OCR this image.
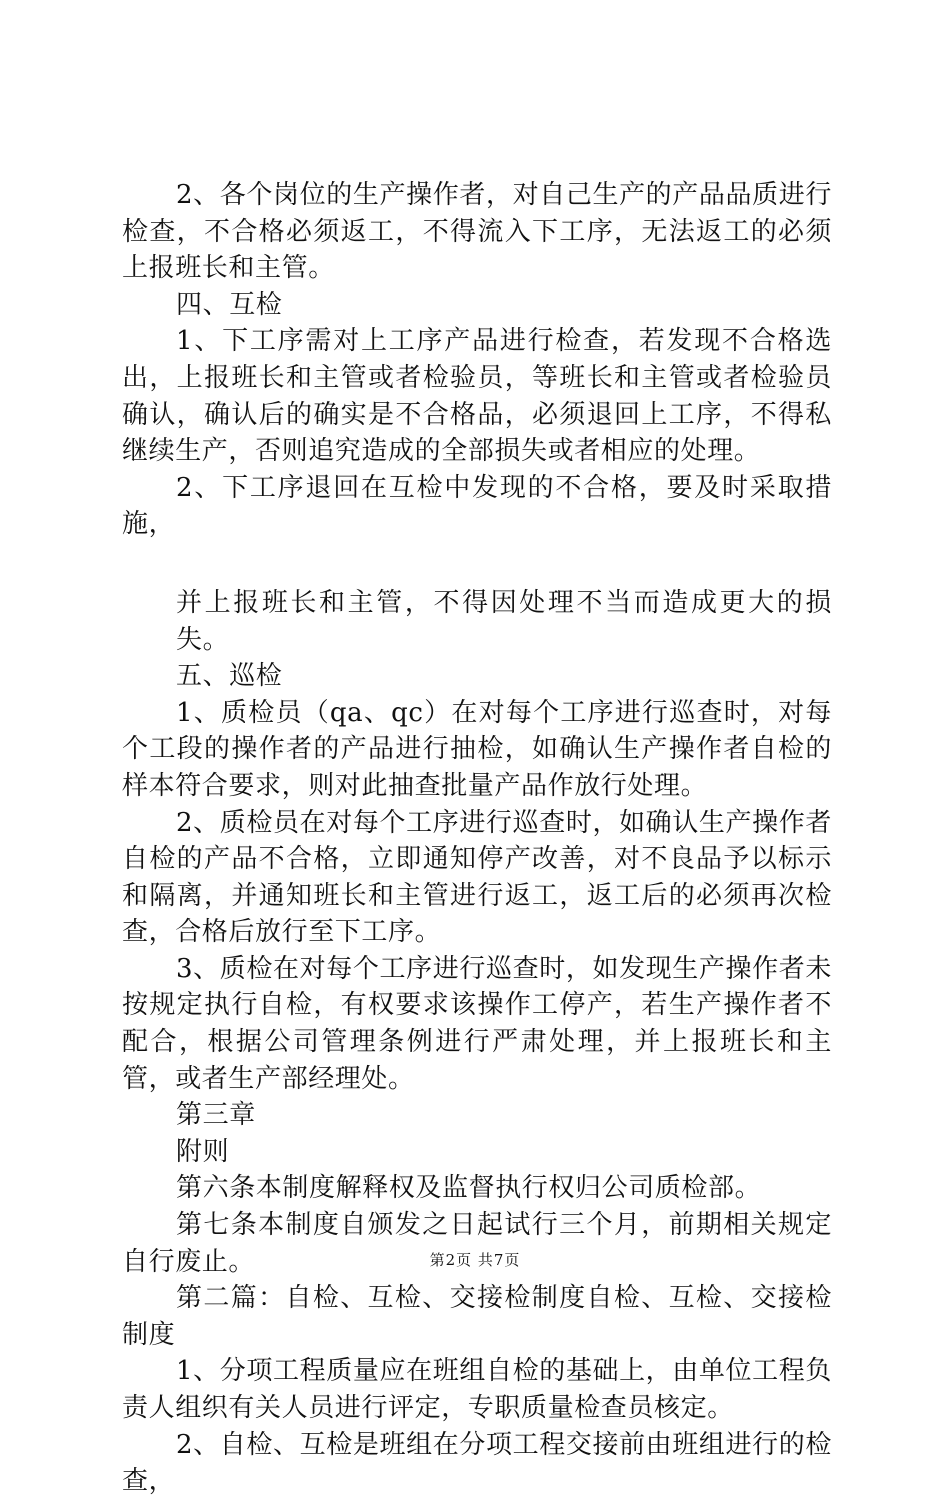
2、各个岗位的生产操作者，对自己生产的产品品质进行检查，不合格必须返工，不得流入下工序，无法返工的必须上报班长和主管。

四、互检

1、下工序需对上工序产品进行检查，若发现不合格选出，上报班长和主管或者检验员，等班长和主管或者检验员确认，确认后的确实是不合格品，必须退回上工序，不得私继续生产，否则追究造成的全部损失或者相应的处理。

2、下工序退回在互检中发现的不合格，要及时采取措施，

并上报班长和主管，不得因处理不当而造成更大的损失。

五、巡检

1、质检员（qa、qc）在对每个工序进行巡查时，对每个工段的操作者的产品进行抽检，如确认生产操作者自检的样本符合要求，则对此抽查批量产品作放行处理。

2、质检员在对每个工序进行巡查时，如确认生产操作者自检的产品不合格，立即通知停产改善，对不良品予以标示和隔离，并通知班长和主管进行返工，返工后的必须再次检查，合格后放行至下工序。

3、质检在对每个工序进行巡查时，如发现生产操作者未按规定执行自检，有权要求该操作工停产，若生产操作者不配合，根据公司管理条例进行严肃处理，并上报班长和主管，或者生产部经理处。

第三章

附则

第六条本制度解释权及监督执行权归公司质检部。

第七条本制度自颁发之日起试行三个月，前期相关规定自行废止。

第二篇：自检、互检、交接检制度自检、互检、交接检制度

1、分项工程质量应在班组自检的基础上，由单位工程负责人组织有关人员进行评定，专职质量检查员核定。

2、自检、互检是班组在分项工程交接前由班组进行的检查，

第2页 共7页
